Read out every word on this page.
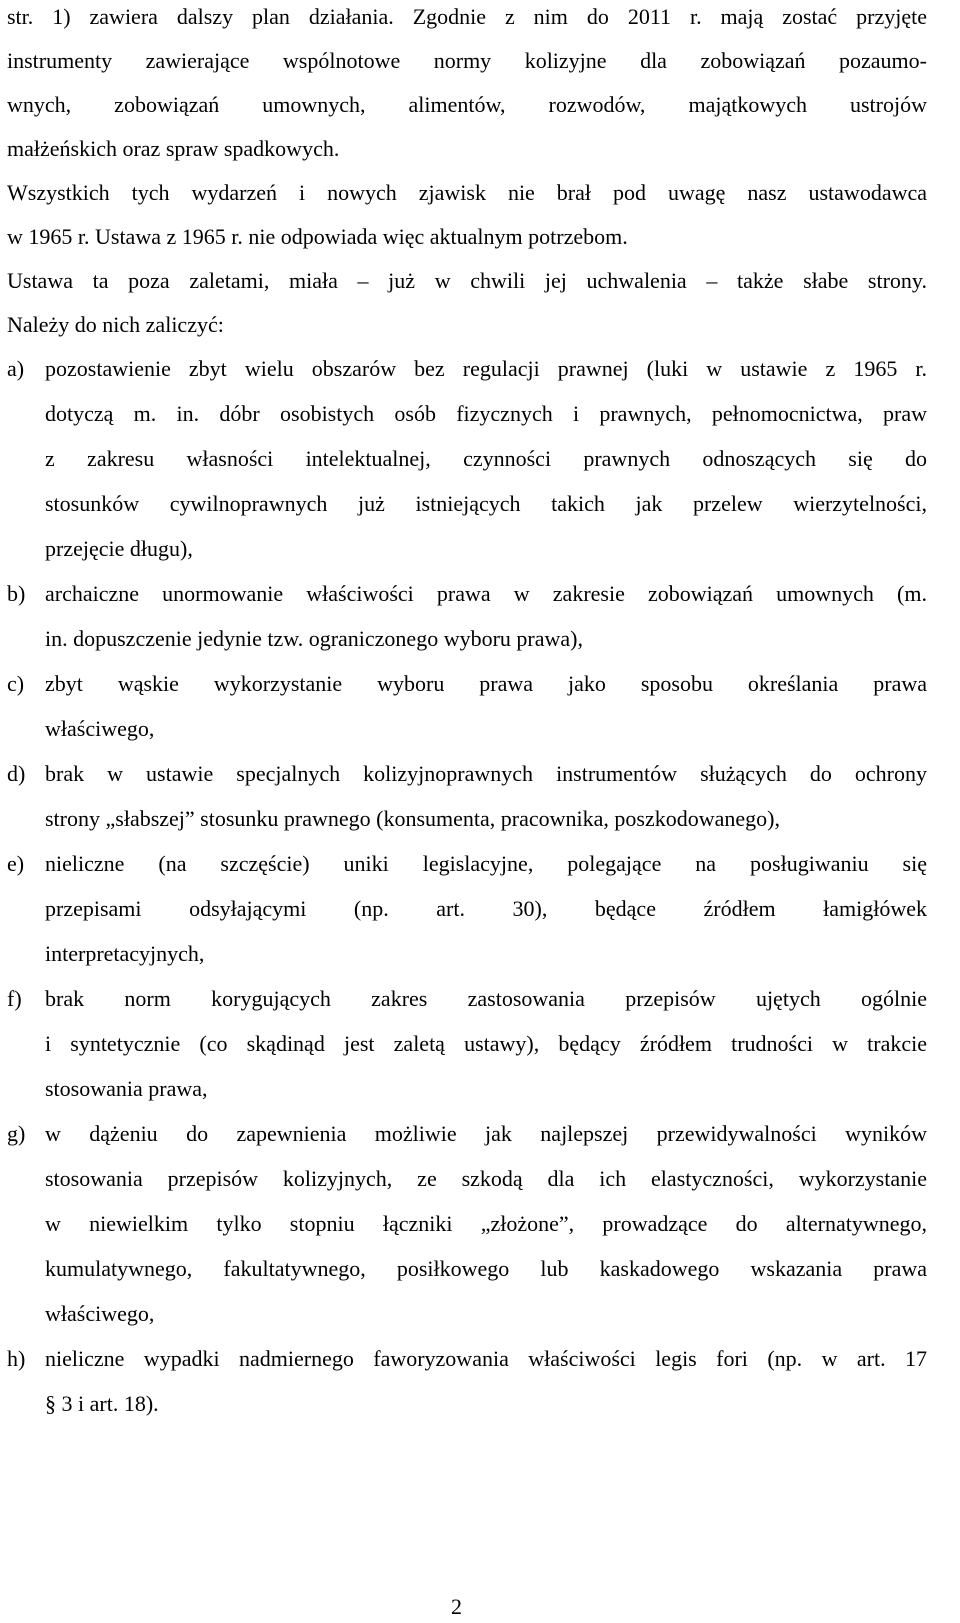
str. 1) zawiera dalszy plan działania. Zgodnie z nim do 2011 r. mają zostać przyjęte
instrumenty zawierające wspólnotowe normy kolizyjne dla zobowiązań pozaumo-
wnych, zobowiązań umownych, alimentów, rozwodów, majątkowych ustrojów
małżeńskich oraz spraw spadkowych.
Wszystkich tych wydarzeń i nowych zjawisk nie brał pod uwagę nasz ustawodawca
w 1965 r. Ustawa z 1965 r. nie odpowiada więc aktualnym potrzebom.
Ustawa ta poza zaletami, miała – już w chwili jej uchwalenia – także słabe strony.
Należy do nich zaliczyć:
a) pozostawienie zbyt wielu obszarów bez regulacji prawnej (luki w ustawie z 1965 r.
dotyczą m. in. dóbr osobistych osób fizycznych i prawnych, pełnomocnictwa, praw
z zakresu własności intelektualnej, czynności prawnych odnoszących się do
stosunków cywilnoprawnych już istniejących takich jak przelew wierzytelności,
przejęcie długu),
b) archaiczne unormowanie właściwości prawa w zakresie zobowiązań umownych (m.
in. dopuszczenie jedynie tzw. ograniczonego wyboru prawa),
c) zbyt wąskie wykorzystanie wyboru prawa jako sposobu określania prawa
właściwego,
d) brak w ustawie specjalnych kolizyjnoprawnych instrumentów służących do ochrony
strony „słabszej” stosunku prawnego (konsumenta, pracownika, poszkodowanego),
e) nieliczne (na szczęście) uniki legislacyjne, polegające na posługiwaniu się
przepisami odsyłającymi (np. art. 30), będące źródłem łamigłówek
interpretacyjnych,
f) brak norm korygujących zakres zastosowania przepisów ujętych ogólnie
i syntetycznie (co skądinąd jest zaletą ustawy), będący źródłem trudności w trakcie
stosowania prawa,
g) w dążeniu do zapewnienia możliwie jak najlepszej przewidywalności wyników
stosowania przepisów kolizyjnych, ze szkodą dla ich elastyczności, wykorzystanie
w niewielkim tylko stopniu łączniki „złożone”, prowadzące do alternatywnego,
kumulatywnego, fakultatywnego, posiłkowego lub kaskadowego wskazania prawa
właściwego,
h) nieliczne wypadki nadmiernego faworyzowania właściwości legis fori (np. w art. 17
§ 3 i art. 18).
2
